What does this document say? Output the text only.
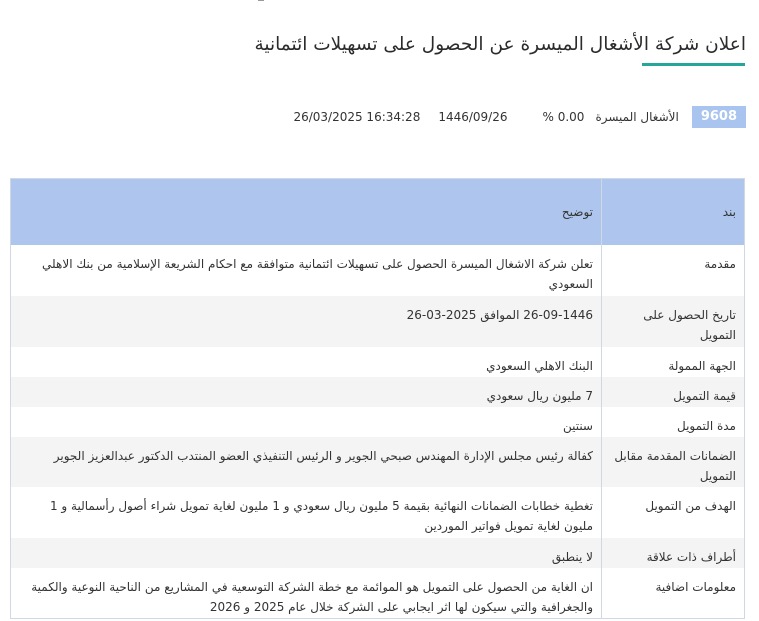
اعلان شركة الأشغال الميسرة عن الحصول على تسهيلات ائتمانية
9608
الأشغال الميسرة
% 0.00
1446/09/26
26/03/2025 16:34:28
بند	توضيح
مقدمة	تعلن شركة الاشغال الميسرة الحصول على تسهيلات ائتمانية متوافقة مع احكام الشريعة الإسلامية من بنك الاهلي السعودي
تاريخ الحصول على التمويل	26-09-1446 الموافق 2025-03-26
الجهة الممولة	البنك الاهلي السعودي
قيمة التمويل	7 مليون ريال سعودي
مدة التمويل	سنتين
الضمانات المقدمة مقابل التمويل	كفالة رئيس مجلس الإدارة المهندس صبحي الجوير و الرئيس التنفيذي العضو المنتدب الدكتور عبدالعزيز الجوير
الهدف من التمويل	تغطية خطابات الضمانات النهائية بقيمة 5 مليون ريال سعودي و 1 مليون لغاية تمويل شراء أصول رأسمالية و 1 مليون لغاية تمويل فواتير الموردين
أطراف ذات علاقة	لا ينطبق
معلومات اضافية	ان الغاية من الحصول على التمويل هو الموائمة مع خطة الشركة التوسعية في المشاريع من الناحية النوعية والكمية والجغرافية والتي سيكون لها اثر ايجابي على الشركة خلال عام 2025 و 2026
